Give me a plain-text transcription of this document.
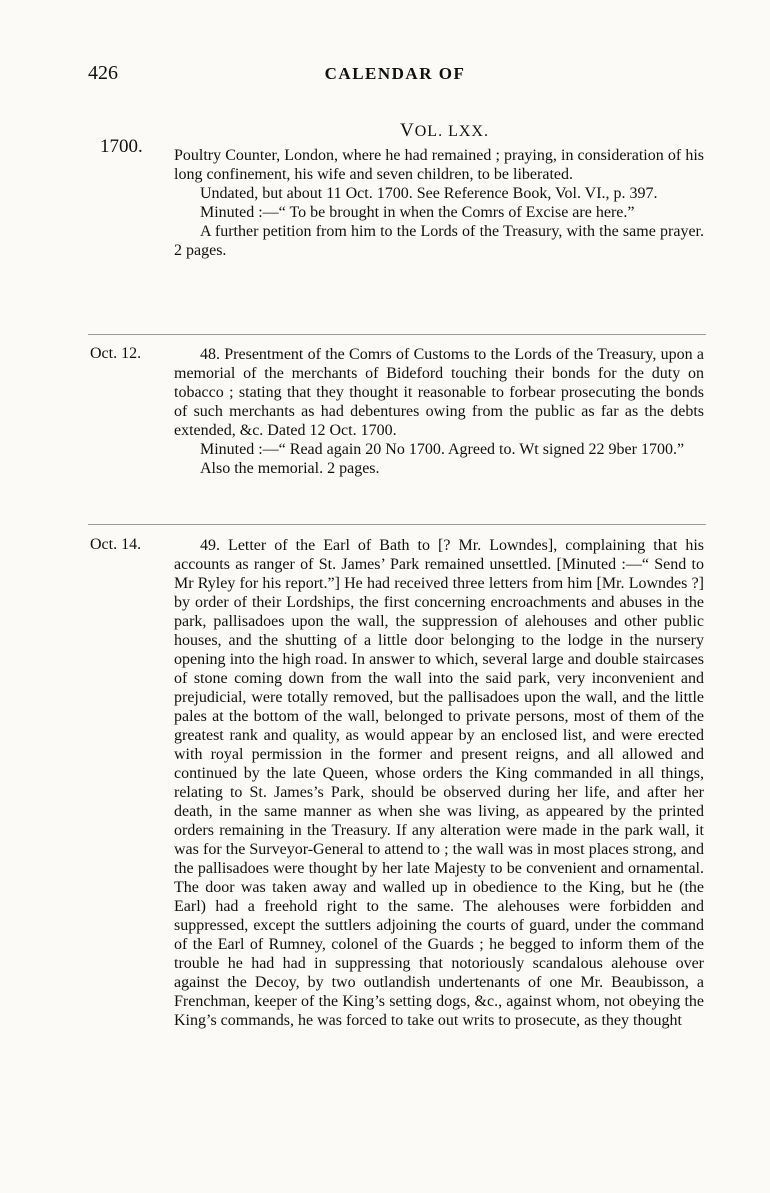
426	CALENDAR OF
VOL. LXX.
1700. Poultry Counter, London, where he had remained ; praying, in consideration of his long confinement, his wife and seven children, to be liberated.

Undated, but about 11 Oct. 1700. See Reference Book, Vol. VI., p. 397.

Minuted :—“ To be brought in when the Comrs of Excise are here.”

A further petition from him to the Lords of the Treasury, with the same prayer. 2 pages.

Oct. 12.	48. Presentment of the Comrs of Customs to the Lords of the Treasury, upon a memorial of the merchants of Bideford touching their bonds for the duty on tobacco ; stating that they thought it reasonable to forbear prosecuting the bonds of such merchants as had debentures owing from the public as far as the debts extended, &c. Dated 12 Oct. 1700.

Minuted :—“ Read again 20 No 1700. Agreed to. Wt signed 22 9ber 1700.”

Also the memorial. 2 pages.

Oct. 14.	49. Letter of the Earl of Bath to [? Mr. Lowndes], complaining that his accounts as ranger of St. James’ Park remained unsettled. [Minuted :—“ Send to Mr Ryley for his report.”] He had received three letters from him [Mr. Lowndes ?] by order of their Lordships, the first concerning encroachments and abuses in the park, pallisadoes upon the wall, the suppression of alehouses and other public houses, and the shutting of a little door belonging to the lodge in the nursery opening into the high road. In answer to which, several large and double staircases of stone coming down from the wall into the said park, very inconvenient and prejudicial, were totally removed, but the pallisadoes upon the wall, and the little pales at the bottom of the wall, belonged to private persons, most of them of the greatest rank and quality, as would appear by an enclosed list, and were erected with royal permission in the former and present reigns, and all allowed and continued by the late Queen, whose orders the King commanded in all things, relating to St. James’s Park, should be observed during her life, and after her death, in the same manner as when she was living, as appeared by the printed orders remaining in the Treasury. If any alteration were made in the park wall, it was for the Surveyor-General to attend to ; the wall was in most places strong, and the pallisadoes were thought by her late Majesty to be convenient and ornamental. The door was taken away and walled up in obedience to the King, but he (the Earl) had a freehold right to the same. The alehouses were forbidden and suppressed, except the suttlers adjoining the courts of guard, under the command of the Earl of Rumney, colonel of the Guards ; he begged to inform them of the trouble he had had in suppressing that notoriously scandalous alehouse over against the Decoy, by two outlandish undertenants of one Mr. Beaubisson, a Frenchman, keeper of the King’s setting dogs, &c., against whom, not obeying the King’s commands, he was forced to take out writs to prosecute, as they thought
